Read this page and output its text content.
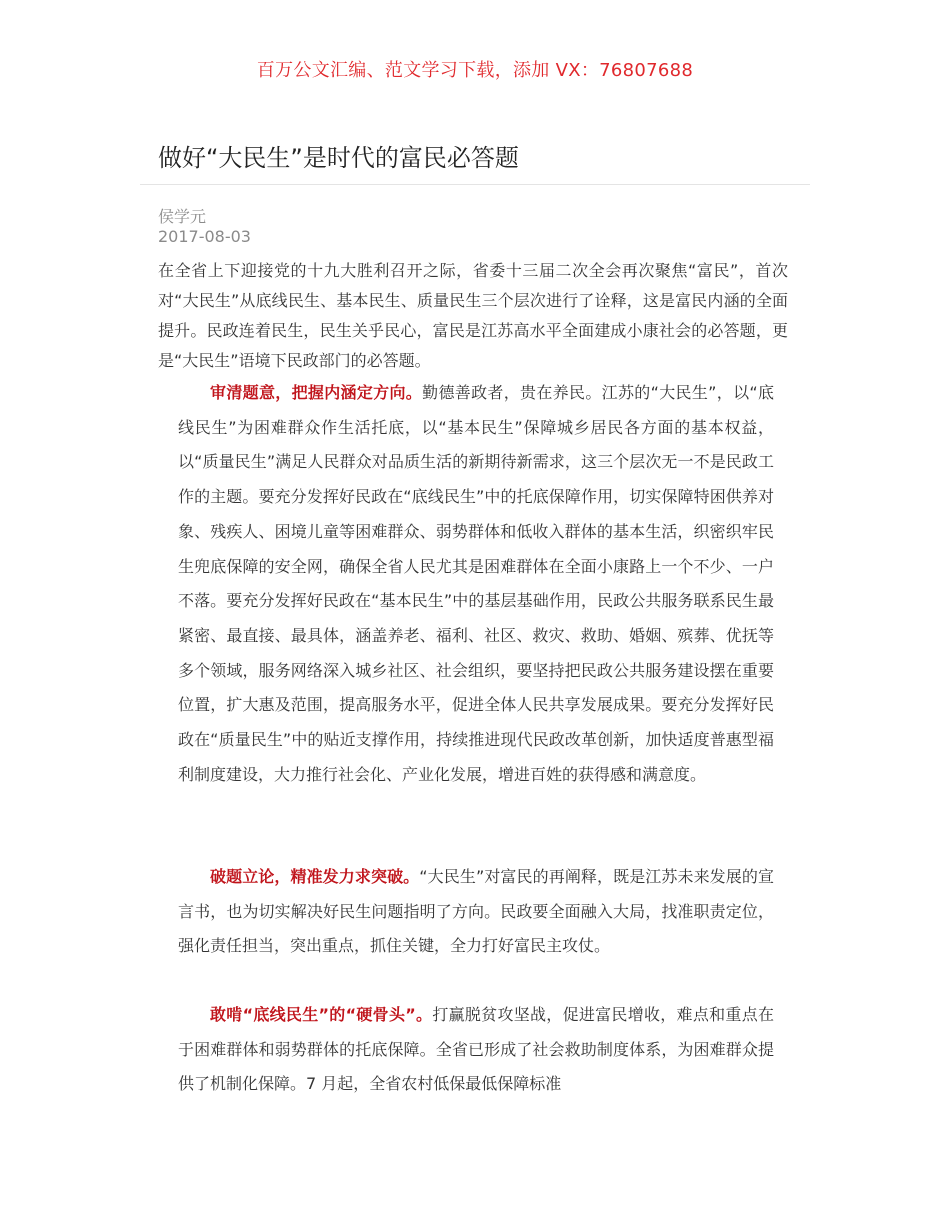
百万公文汇编、范文学习下载，添加 VX：76807688
做好“大民生”是时代的富民必答题
侯学元
2017-08-03

在全省上下迎接党的十九大胜利召开之际，省委十三届二次全会再次聚焦“富民”，首次对“大民生”从底线民生、基本民生、质量民生三个层次进行了诠释，这是富民内涵的全面提升。民政连着民生，民生关乎民心，富民是江苏高水平全面建成小康社会的必答题，更是“大民生”语境下民政部门的必答题。

审清题意，把握内涵定方向。勤德善政者，贵在养民。江苏的“大民生”，以“底线民生”为困难群众作生活托底，以“基本民生”保障城乡居民各方面的基本权益，以“质量民生”满足人民群众对品质生活的新期待新需求，这三个层次无一不是民政工作的主题。要充分发挥好民政在“底线民生”中的托底保障作用，切实保障特困供养对象、残疾人、困境儿童等困难群众、弱势群体和低收入群体的基本生活，织密织牢民生兜底保障的安全网，确保全省人民尤其是困难群体在全面小康路上一个不少、一户不落。要充分发挥好民政在“基本民生”中的基层基础作用，民政公共服务联系民生最紧密、最直接、最具体，涵盖养老、福利、社区、救灾、救助、婚姻、殡葬、优抚等多个领域，服务网络深入城乡社区、社会组织，要坚持把民政公共服务建设摆在重要位置，扩大惠及范围，提高服务水平，促进全体人民共享发展成果。要充分发挥好民政在“质量民生”中的贴近支撑作用，持续推进现代民政改革创新，加快适度普惠型福利制度建设，大力推行社会化、产业化发展，增进百姓的获得感和满意度。

破题立论，精准发力求突破。“大民生”对富民的再阐释，既是江苏未来发展的宣言书，也为切实解决好民生问题指明了方向。民政要全面融入大局，找准职责定位，强化责任担当，突出重点，抓住关键，全力打好富民主攻仗。

敢啃“底线民生”的“硬骨头”。打赢脱贫攻坚战，促进富民增收，难点和重点在于困难群体和弱势群体的托底保障。全省已形成了社会救助制度体系，为困难群众提供了机制化保障。7 月起，全省农村低保最低保障标准
